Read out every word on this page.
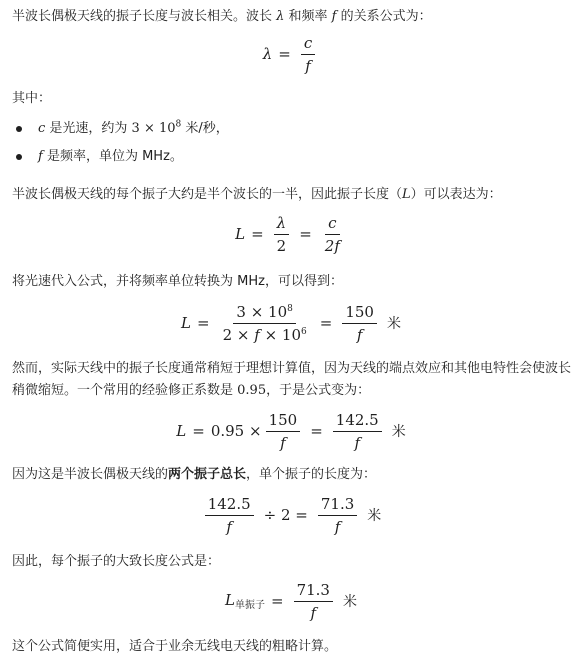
半波长偶极天线的振子长度与波长相关。波长 λ 和频率 f 的关系公式为：
$\lambda = \frac{c}{f}$
其中：
c 是光速，约为 $3 \times 10^8$ 米/秒，
f 是频率，单位为 MHz。
半波长偶极天线的每个振子大约是半个波长的一半，因此振子长度（L）可以表达为：
$L = \frac{\lambda}{2} = \frac{c}{2f}$
将光速代入公式，并将频率单位转换为 MHz，可以得到：
$L = \frac{3 \times 10^8}{2 \times f \times 10^6} = \frac{150}{f}$ 米
然而，实际天线中的振子长度通常稍短于理想计算值，因为天线的端点效应和其他电特性会使波长稍微缩短。一个常用的经验修正系数是 0.95，于是公式变为：
$L = 0.95 \times \frac{150}{f} = \frac{142.5}{f}$ 米
因为这是半波长偶极天线的两个振子总长，单个振子的长度为：
$\frac{142.5}{f} \div 2 = \frac{71.3}{f}$ 米
因此，每个振子的大致长度公式是：
$L_{单振子} = \frac{71.3}{f}$ 米
这个公式简便实用，适合于业余无线电天线的粗略计算。
